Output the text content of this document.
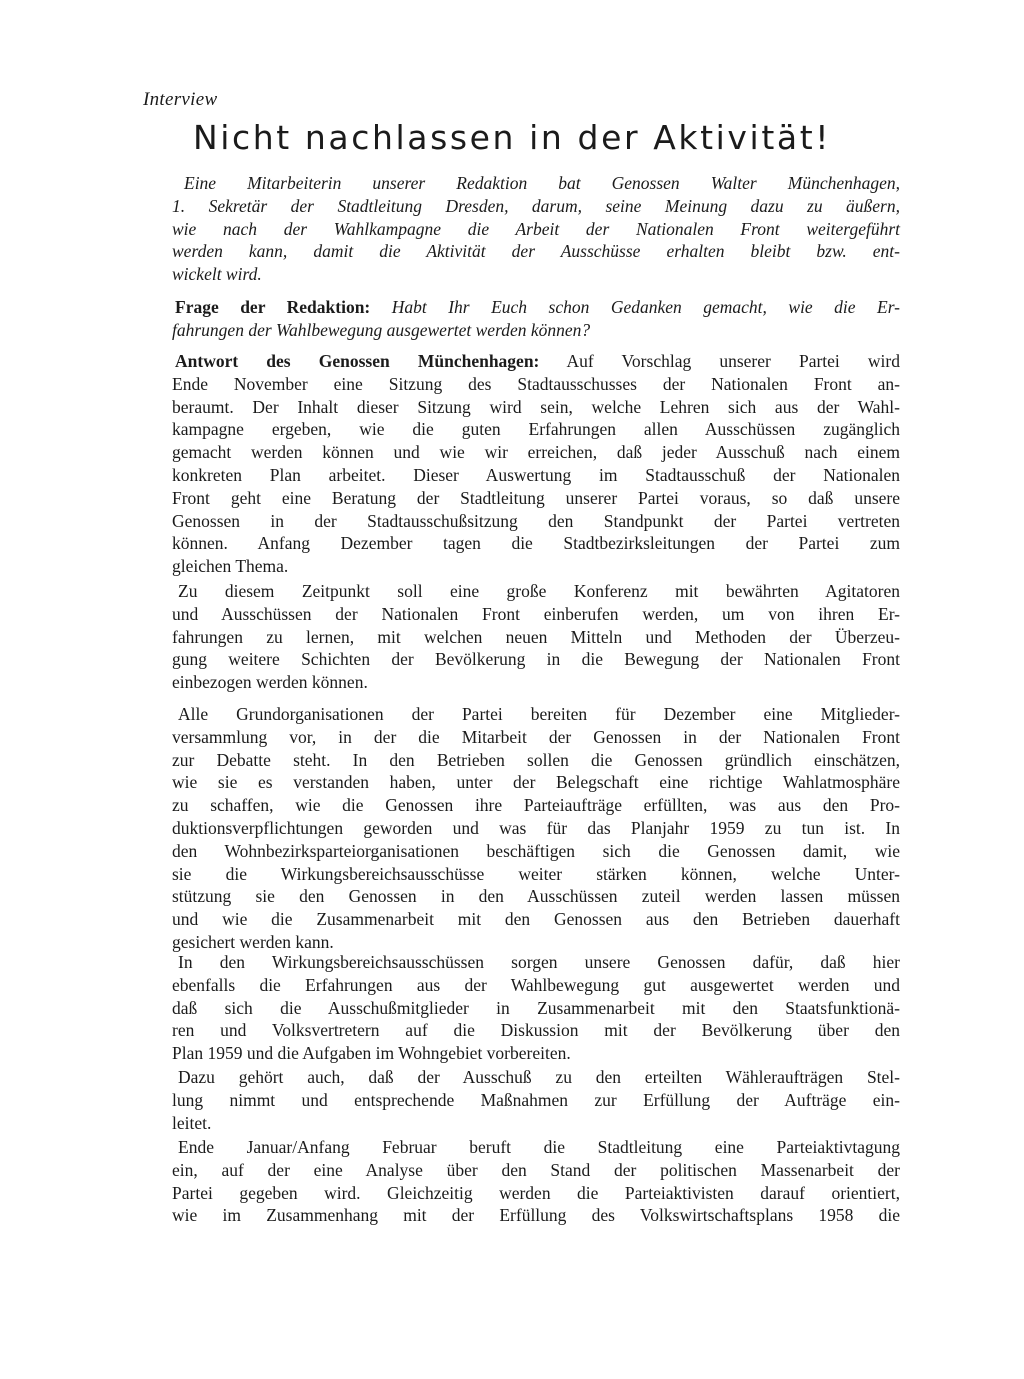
Interview
Nicht nachlassen in der Aktivität!
Eine Mitarbeiterin unserer Redaktion bat Genossen Walter Münchenhagen,
1. Sekretär der Stadtleitung Dresden, darum, seine Meinung dazu zu äußern,
wie nach der Wahlkampagne die Arbeit der Nationalen Front weitergeführt
werden kann, damit die Aktivität der Ausschüsse erhalten bleibt bzw. ent-
wickelt wird.
Frage der Redaktion: Habt Ihr Euch schon Gedanken gemacht, wie die Er-
fahrungen der Wahlbewegung ausgewertet werden können?
Antwort des Genossen Münchenhagen: Auf Vorschlag unserer Partei wird
Ende November eine Sitzung des Stadtausschusses der Nationalen Front an-
beraumt. Der Inhalt dieser Sitzung wird sein, welche Lehren sich aus der Wahl-
kampagne ergeben, wie die guten Erfahrungen allen Ausschüssen zugänglich
gemacht werden können und wie wir erreichen, daß jeder Ausschuß nach einem
konkreten Plan arbeitet. Dieser Auswertung im Stadtausschuß der Nationalen
Front geht eine Beratung der Stadtleitung unserer Partei voraus, so daß unsere
Genossen in der Stadtausschußsitzung den Standpunkt der Partei vertreten
können. Anfang Dezember tagen die Stadtbezirksleitungen der Partei zum
gleichen Thema.
Zu diesem Zeitpunkt soll eine große Konferenz mit bewährten Agitatoren
und Ausschüssen der Nationalen Front einberufen werden, um von ihren Er-
fahrungen zu lernen, mit welchen neuen Mitteln und Methoden der Überzeu-
gung weitere Schichten der Bevölkerung in die Bewegung der Nationalen Front
einbezogen werden können.
Alle Grundorganisationen der Partei bereiten für Dezember eine Mitglieder-
versammlung vor, in der die Mitarbeit der Genossen in der Nationalen Front
zur Debatte steht. In den Betrieben sollen die Genossen gründlich einschätzen,
wie sie es verstanden haben, unter der Belegschaft eine richtige Wahlatmosphäre
zu schaffen, wie die Genossen ihre Parteiaufträge erfüllten, was aus den Pro-
duktionsverpflichtungen geworden und was für das Planjahr 1959 zu tun ist. In
den Wohnbezirksparteiorganisationen beschäftigen sich die Genossen damit, wie
sie die Wirkungsbereichsausschüsse weiter stärken können, welche Unter-
stützung sie den Genossen in den Ausschüssen zuteil werden lassen müssen
und wie die Zusammenarbeit mit den Genossen aus den Betrieben dauerhaft
gesichert werden kann.
In den Wirkungsbereichsausschüssen sorgen unsere Genossen dafür, daß hier
ebenfalls die Erfahrungen aus der Wahlbewegung gut ausgewertet werden und
daß sich die Ausschußmitglieder in Zusammenarbeit mit den Staatsfunktionä-
ren und Volksvertretern auf die Diskussion mit der Bevölkerung über den
Plan 1959 und die Aufgaben im Wohngebiet vorbereiten.
Dazu gehört auch, daß der Ausschuß zu den erteilten Wähleraufträgen Stel-
lung nimmt und entsprechende Maßnahmen zur Erfüllung der Aufträge ein-
leitet.
Ende Januar/Anfang Februar beruft die Stadtleitung eine Parteiaktivtagung
ein, auf der eine Analyse über den Stand der politischen Massenarbeit der
Partei gegeben wird. Gleichzeitig werden die Parteiaktivisten darauf orientiert,
wie im Zusammenhang mit der Erfüllung des Volkswirtschaftsplans 1958 die
